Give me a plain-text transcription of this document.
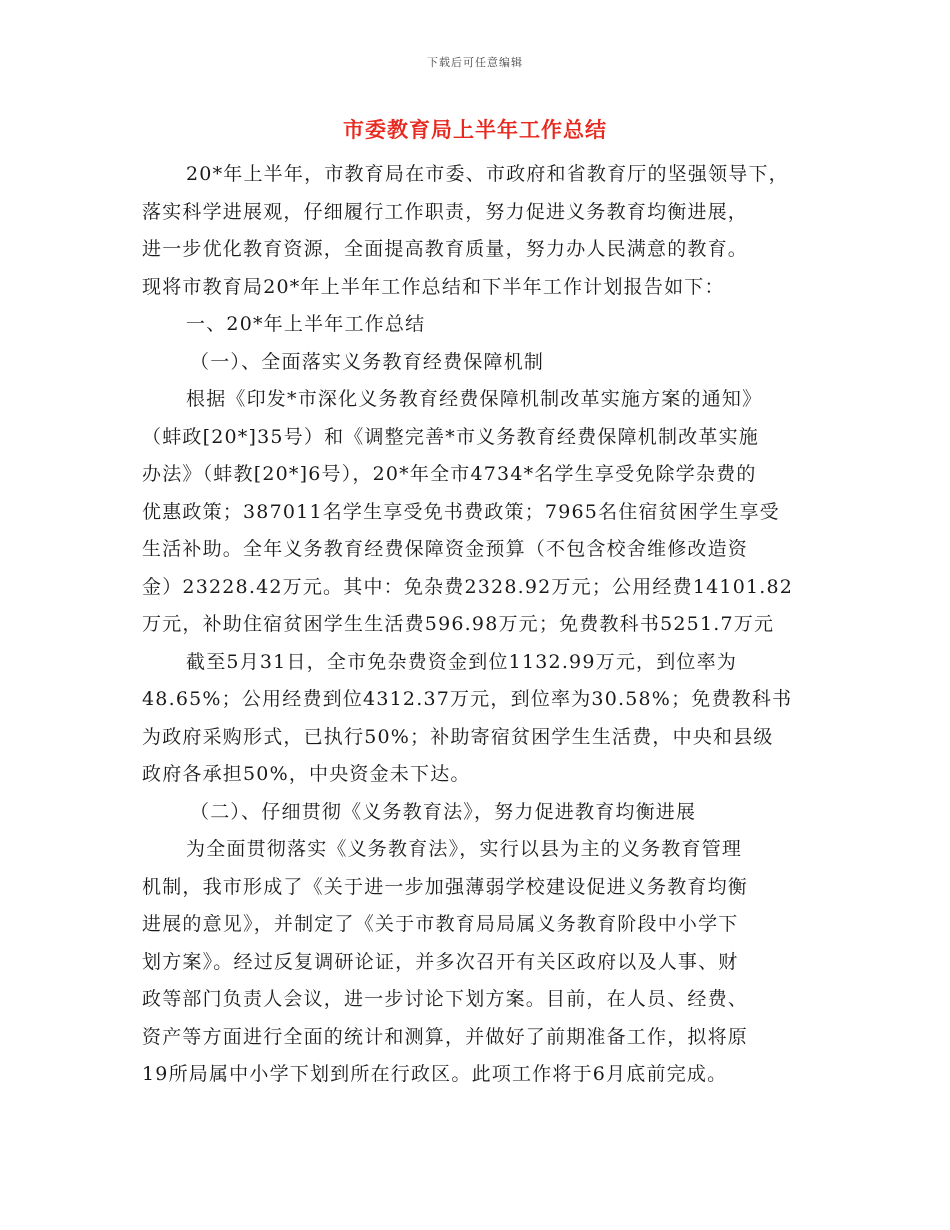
下载后可任意编辑
市委教育局上半年工作总结
20*年上半年，市教育局在市委、市政府和省教育厅的坚强领导下，
落实科学进展观，仔细履行工作职责，努力促进义务教育均衡进展，
进一步优化教育资源，全面提高教育质量，努力办人民满意的教育。
现将市教育局20*年上半年工作总结和下半年工作计划报告如下：
一、20*年上半年工作总结
（一）、全面落实义务教育经费保障机制
根据《印发*市深化义务教育经费保障机制改革实施方案的通知》
（蚌政[20*]35号）和《调整完善*市义务教育经费保障机制改革实施
办法》（蚌教[20*]6号），20*年全市4734*名学生享受免除学杂费的
优惠政策；387011名学生享受免书费政策；7965名住宿贫困学生享受
生活补助。全年义务教育经费保障资金预算（不包含校舍维修改造资
金）23228.42万元。其中：免杂费2328.92万元；公用经费14101.82
万元，补助住宿贫困学生生活费596.98万元；免费教科书5251.7万元
截至5月31日，全市免杂费资金到位1132.99万元，到位率为
48.65%；公用经费到位4312.37万元，到位率为30.58%；免费教科书
为政府采购形式，已执行50%；补助寄宿贫困学生生活费，中央和县级
政府各承担50%，中央资金未下达。
（二）、仔细贯彻《义务教育法》，努力促进教育均衡进展
为全面贯彻落实《义务教育法》，实行以县为主的义务教育管理
机制，我市形成了《关于进一步加强薄弱学校建设促进义务教育均衡
进展的意见》，并制定了《关于市教育局局属义务教育阶段中小学下
划方案》。经过反复调研论证，并多次召开有关区政府以及人事、财
政等部门负责人会议，进一步讨论下划方案。目前，在人员、经费、
资产等方面进行全面的统计和测算，并做好了前期准备工作，拟将原
19所局属中小学下划到所在行政区。此项工作将于6月底前完成。
